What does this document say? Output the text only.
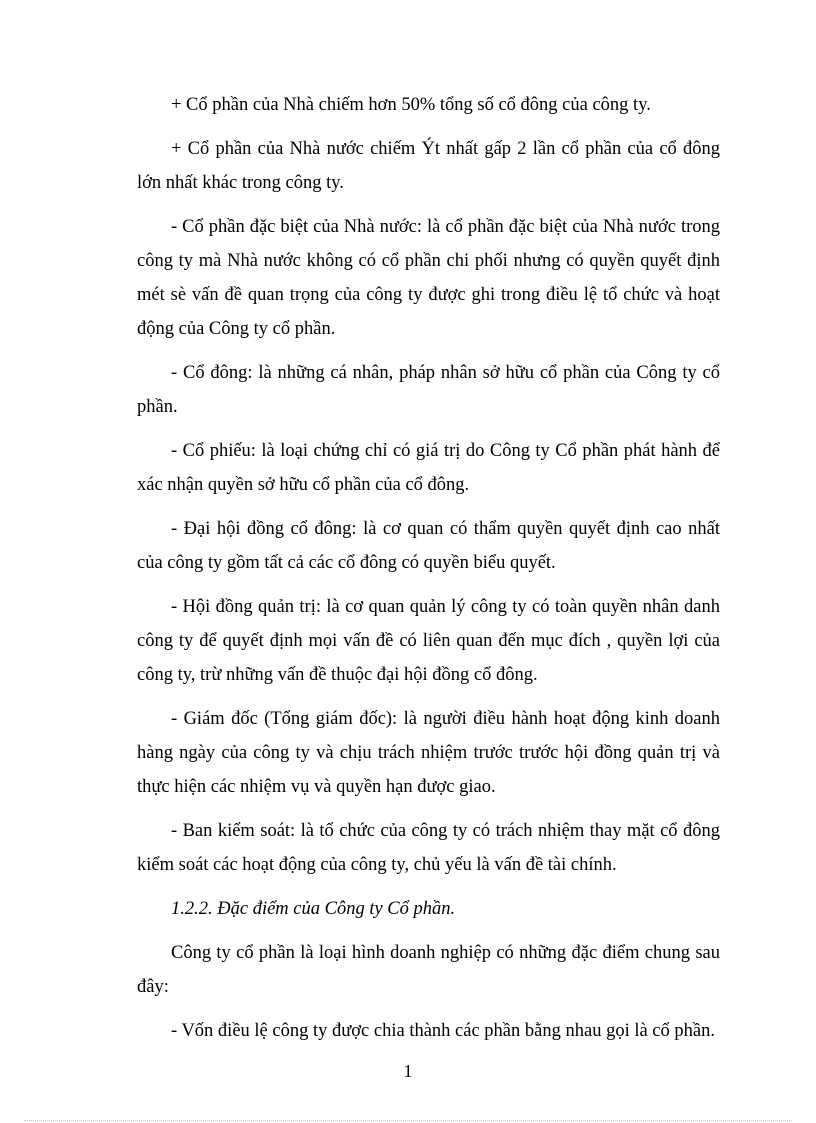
+ Cổ phần của Nhà chiếm hơn 50% tổng số cổ đông của công ty.

+ Cổ phần của Nhà nước chiếm Ýt nhất gấp 2 lần cổ phần của cổ đông lớn nhất khác trong công ty.

- Cổ phần đặc biệt của Nhà nước: là cổ phần đặc biệt của Nhà nước trong công ty mà Nhà nước không có cổ phần chi phối nhưng có quyền quyết định mét sè vấn đề quan trọng của công ty được ghi trong điều lệ tổ chức và hoạt động của Công ty cổ phần.

- Cổ đông: là những cá nhân, pháp nhân sở hữu cổ phần của Công ty cổ phần.

- Cổ phiếu: là loại chứng chỉ có giá trị do Công ty Cổ phần phát hành để xác nhận quyền sở hữu cổ phần của cổ đông.

- Đại hội đồng cổ đông: là cơ quan có thẩm quyền quyết định cao nhất của công ty gồm tất cả các cổ đông có quyền biểu quyết.

- Hội đồng quản trị: là cơ quan quản lý công ty có toàn quyền nhân danh công ty để quyết định mọi vấn đề có liên quan đến mục đích , quyền lợi của công ty, trừ những vấn đề thuộc đại hội đồng cổ đông.

- Giám đốc (Tổng giám đốc): là người điều hành hoạt động kinh doanh hàng ngày của công ty và chịu trách nhiệm trước trước hội đồng quản trị và thực hiện các nhiệm vụ và quyền hạn được giao.

- Ban kiểm soát: là tổ chức của công ty có trách nhiệm thay mặt cổ đông kiểm soát các hoạt động của công ty, chủ yếu là vấn đề tài chính.

1.2.2. Đặc điểm của Công ty Cổ phần.

Công ty cổ phần là loại hình doanh nghiệp có những đặc điểm chung sau đây:

- Vốn điều lệ công ty được chia thành các phần bằng nhau gọi là cổ phần.

1
